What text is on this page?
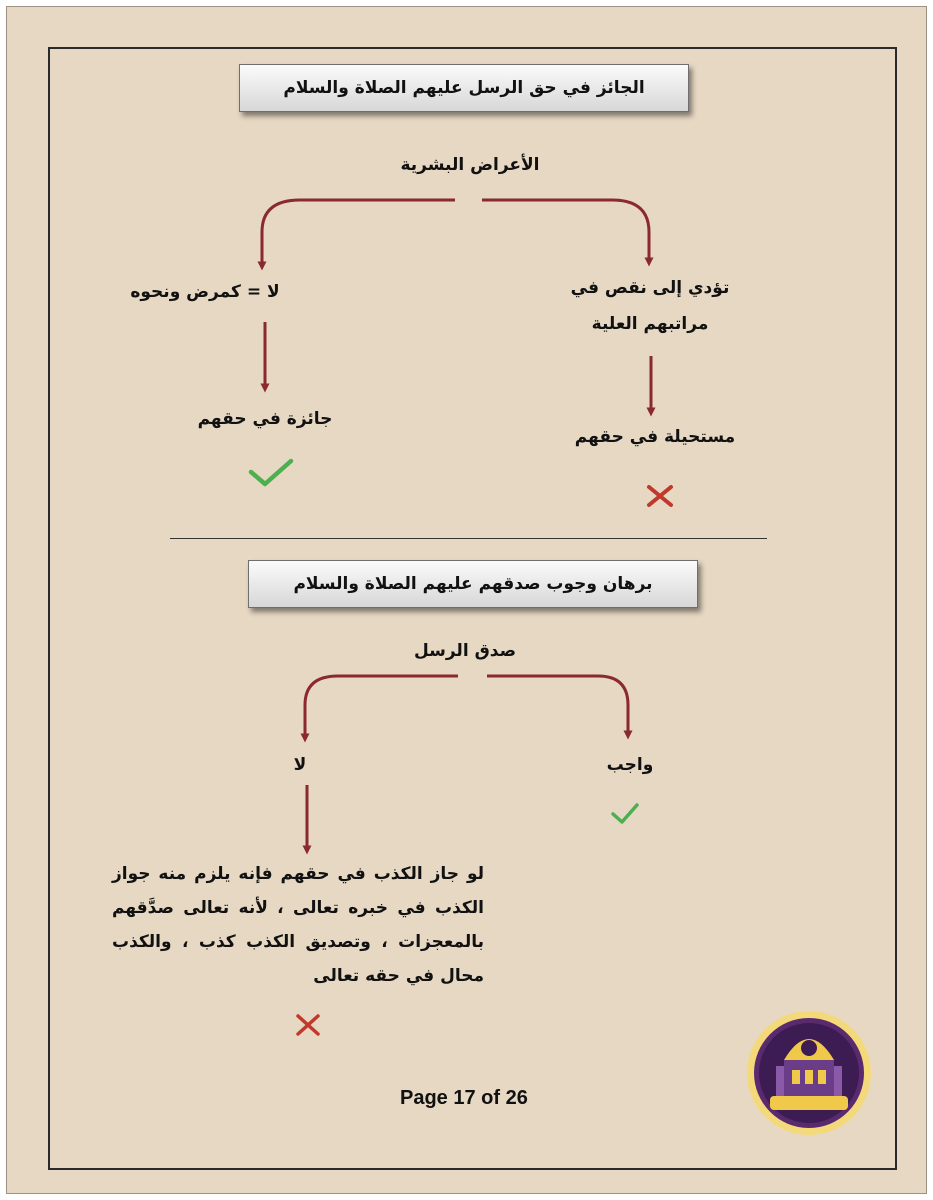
الجائز في حق الرسل عليهم الصلاة والسلام
الأعراض البشرية
لا = كمرض ونحوه	تؤدي إلى نقص في مراتبهم العلية
جائزة في حقهم
مستحيلة في حقهم
برهان وجوب صدقهم عليهم الصلاة والسلام
صدق الرسل
لا	واجب
لو جاز الكذب في حقهم فإنه يلزم منه جواز الكذب في خبره تعالى ، لأنه تعالى صدَّقهم بالمعجزات ، وتصديق الكذب كذب ، والكذب محال في حقه تعالى
Page 17 of 26
